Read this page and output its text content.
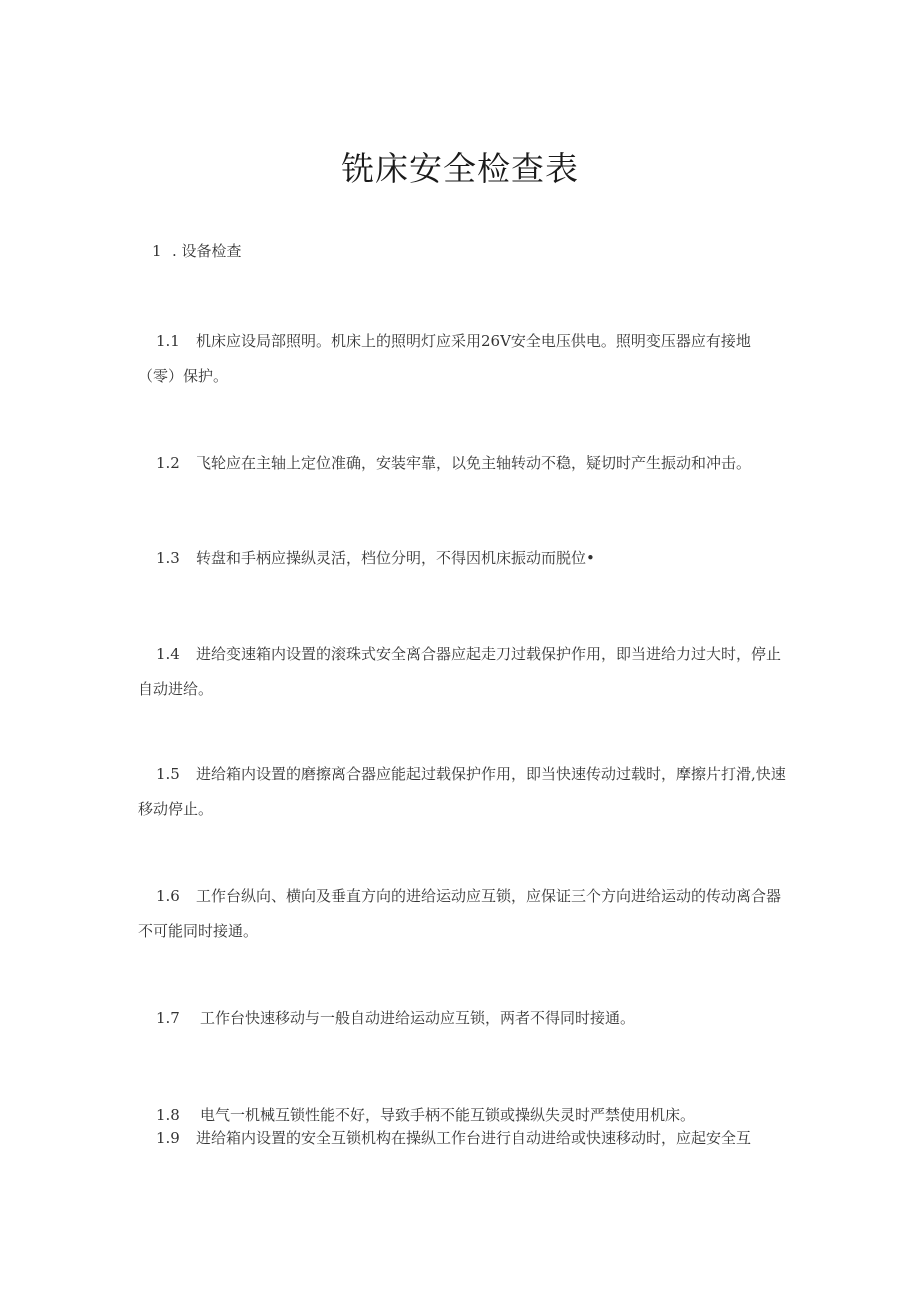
铣床安全检查表
1 . 设备检查
1.1 机床应设局部照明。机床上的照明灯应采用26V安全电压供电。照明变压器应有接地（零）保护。
1.2 飞轮应在主轴上定位准确，安装牢靠，以免主轴转动不稳，疑切时产生振动和冲击。
1.3 转盘和手柄应操纵灵活，档位分明，不得因机床振动而脱位•
1.4 进给变速箱内设置的滚珠式安全离合器应起走刀过载保护作用，即当进给力过大时，停止自动进给。
1.5 进给箱内设置的磨擦离合器应能起过载保护作用，即当快速传动过载时，摩擦片打滑,快速移动停止。
1.6 工作台纵向、横向及垂直方向的进给运动应互锁，应保证三个方向进给运动的传动离合器不可能同时接通。
1.7 工作台快速移动与一般自动进给运动应互锁，两者不得同时接通。
1.8 电气一机械互锁性能不好，导致手柄不能互锁或操纵失灵时严禁使用机床。
1.9 进给箱内设置的安全互锁机构在操纵工作台进行自动进给或快速移动时，应起安全互
